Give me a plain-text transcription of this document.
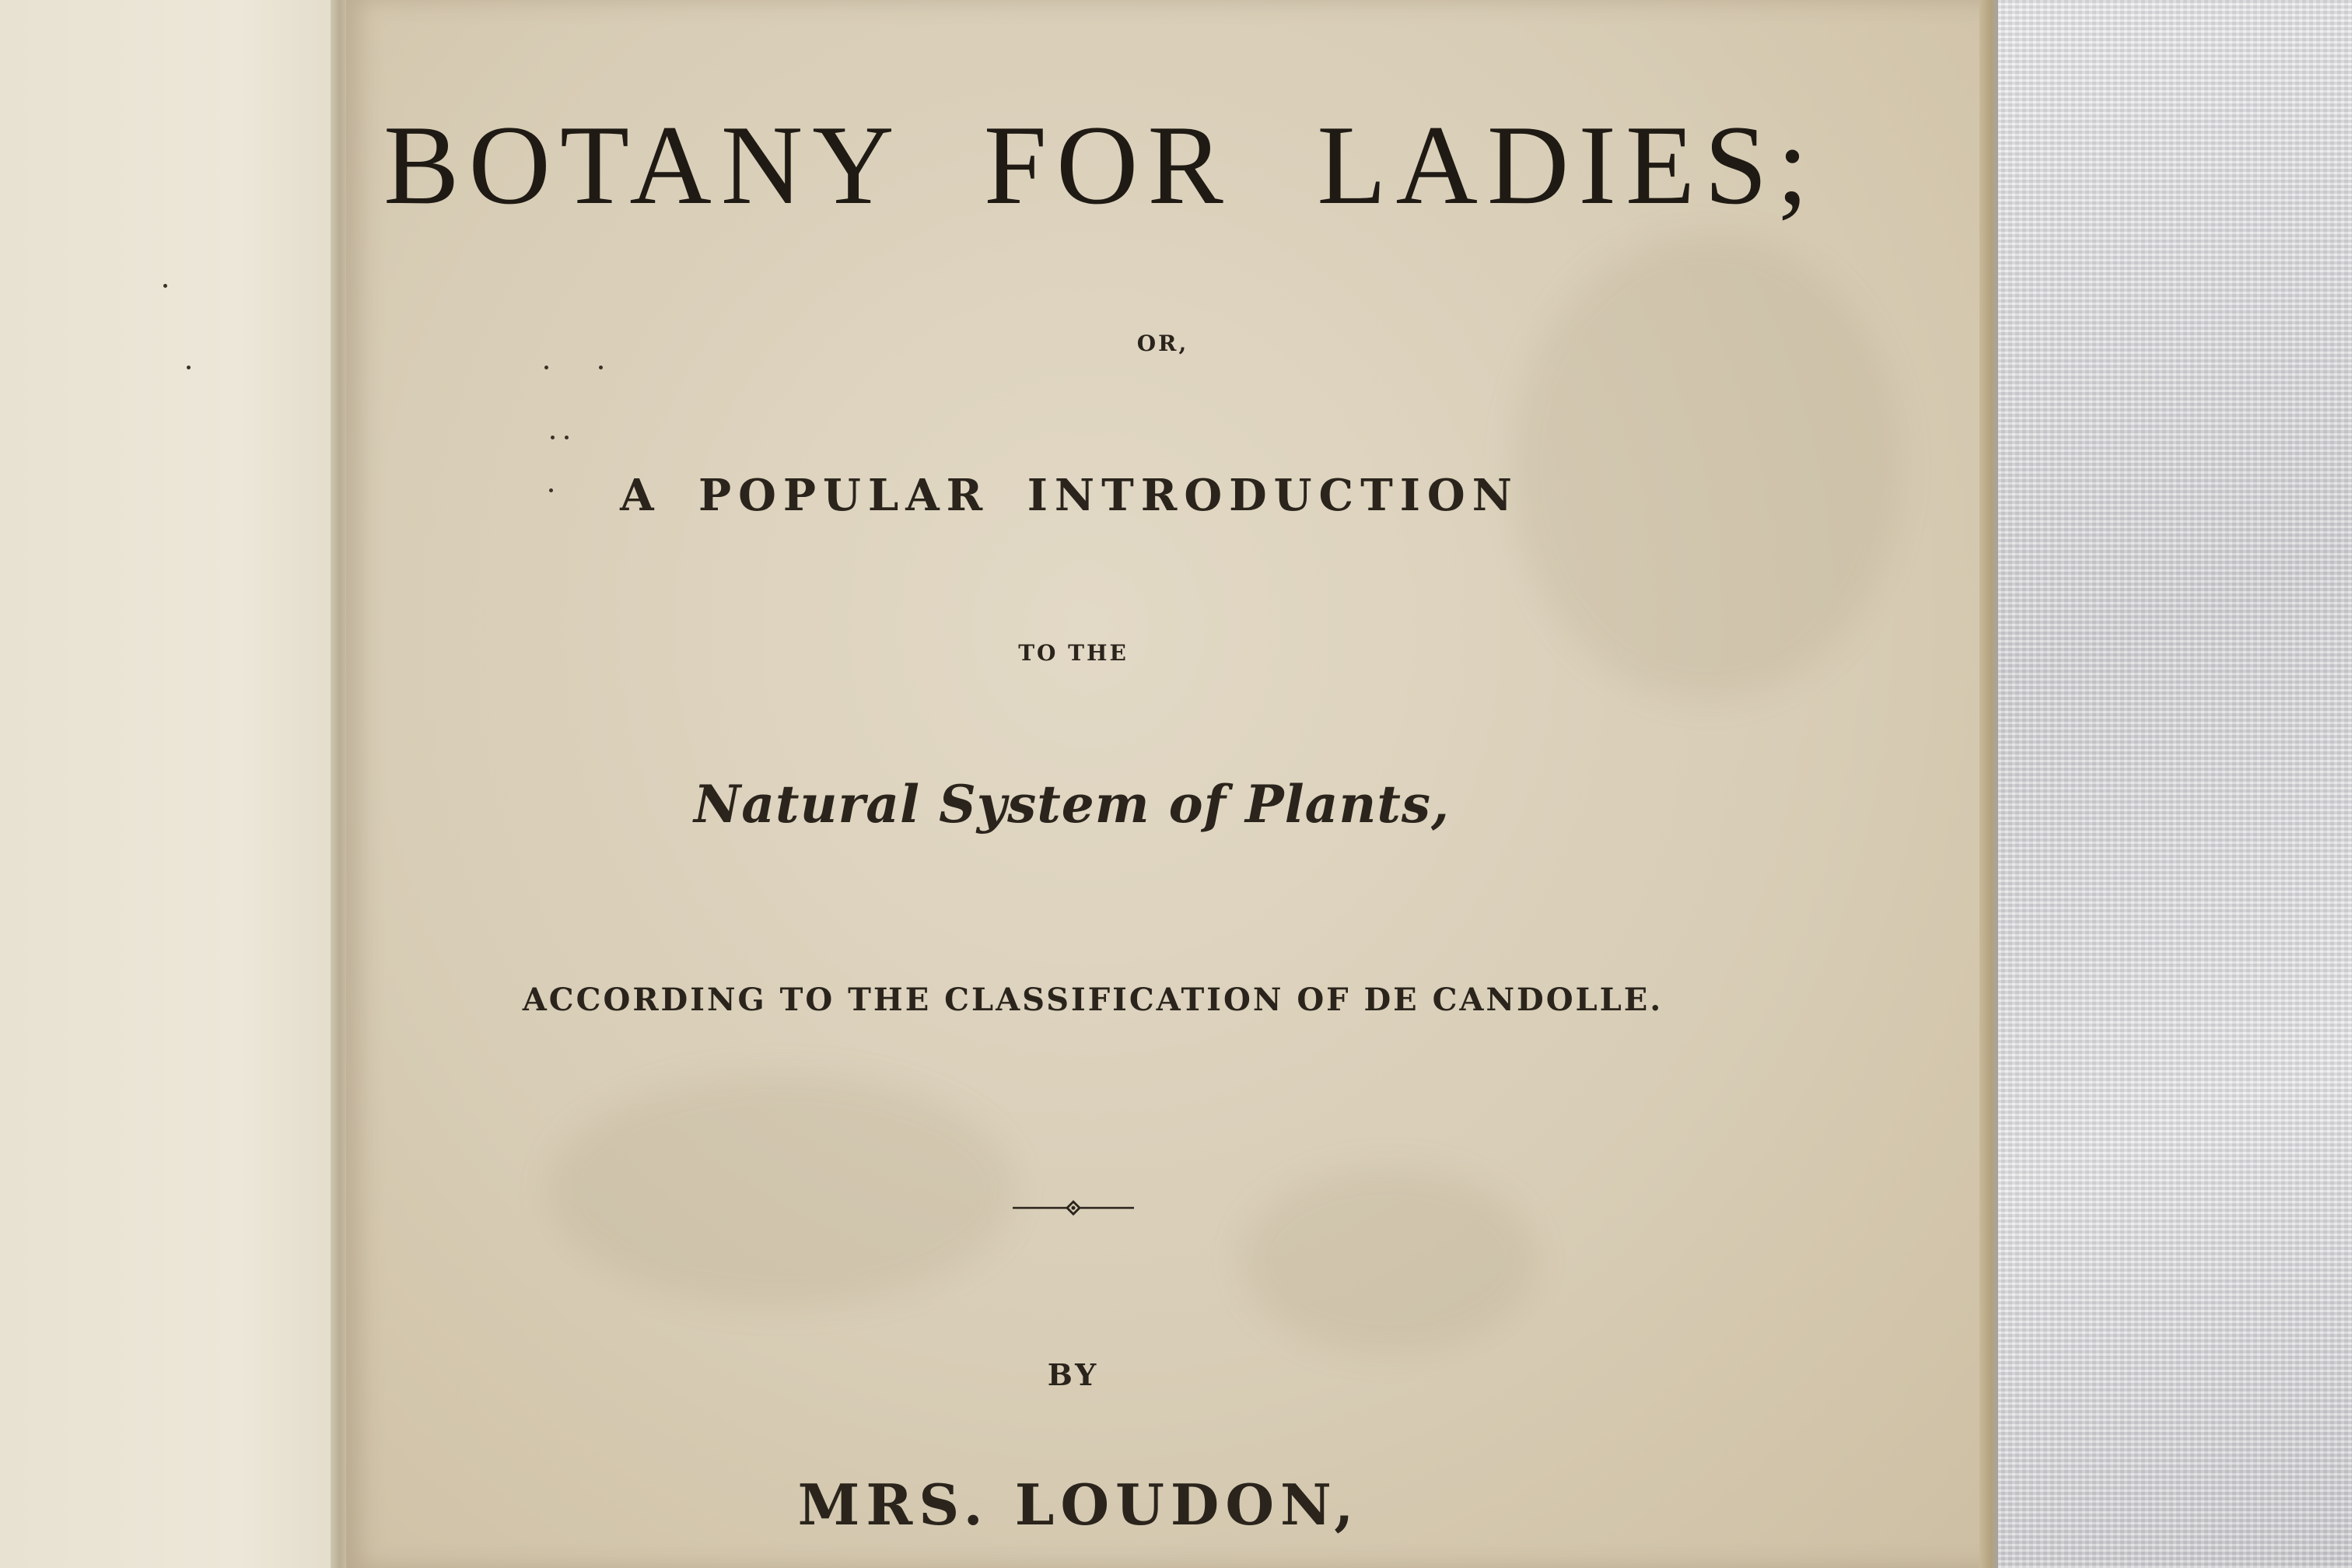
BOTANY FOR LADIES;
OR,
A POPULAR INTRODUCTION
TO THE
Natural System of Plants,
ACCORDING TO THE CLASSIFICATION OF DE CANDOLLE.
BY
MRS. LOUDON,
